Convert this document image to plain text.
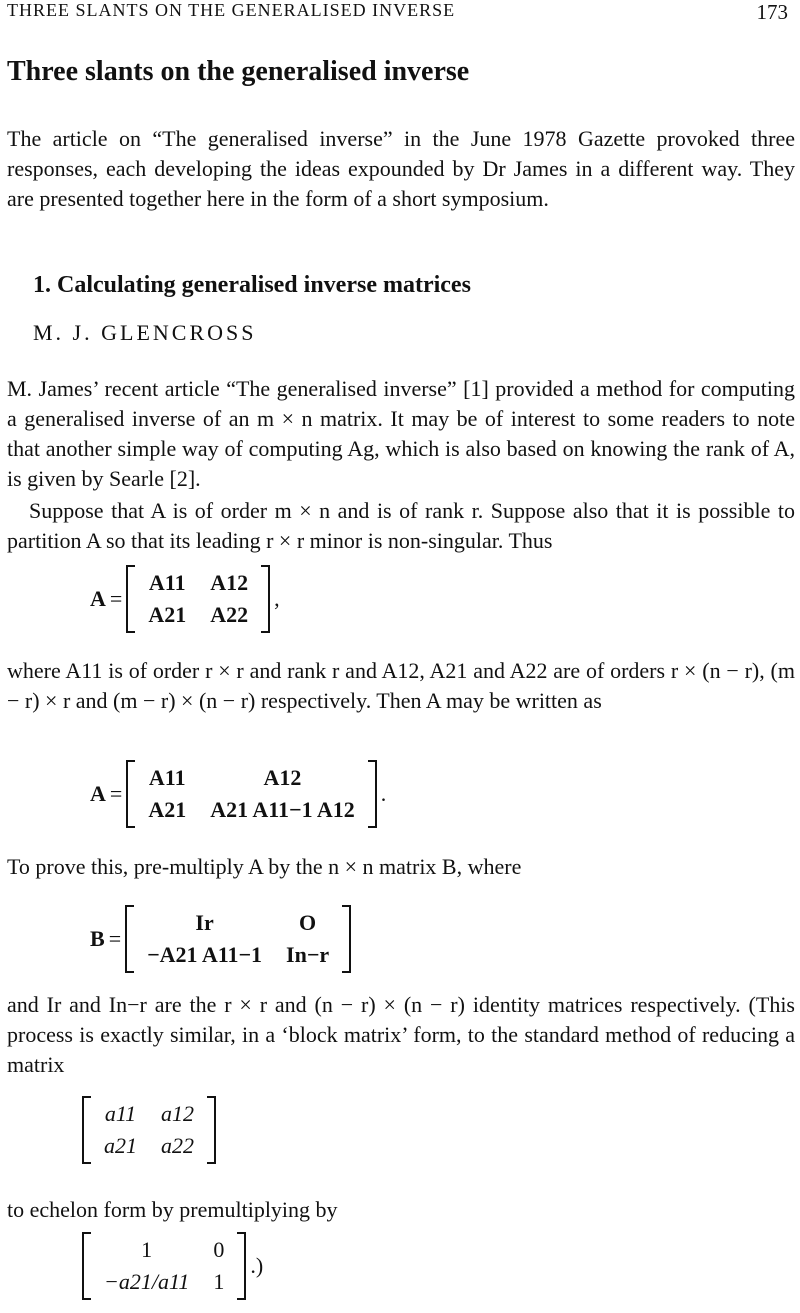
THREE SLANTS ON THE GENERALISED INVERSE	173
Three slants on the generalised inverse

The article on “The generalised inverse” in the June 1978 Gazette provoked three responses, each developing the ideas expounded by Dr James in a different way. They are presented together here in the form of a short symposium.

1. Calculating generalised inverse matrices

M. J. GLENCROSS

M. James’ recent article “The generalised inverse” [1] provided a method for computing a generalised inverse of an m × n matrix. It may be of interest to some readers to note that another simple way of computing Ag, which is also based on knowing the rank of A, is given by Searle [2].

Suppose that A is of order m × n and is of rank r. Suppose also that it is possible to partition A so that its leading r × r minor is non-singular. Thus

A =
A11	A12
A21	A22
,

where A11 is of order r × r and rank r and A12, A21 and A22 are of orders r × (n − r), (m − r) × r and (m − r) × (n − r) respectively. Then A may be written as

A =
A11	A12
A21	A21 A11−1 A12
.

To prove this, pre-multiply A by the n × n matrix B, where

B =
Ir	O
−A21 A11−1	In−r

and Ir and In−r are the r × r and (n − r) × (n − r) identity matrices respectively. (This process is exactly similar, in a ‘block matrix’ form, to the standard method of reducing a matrix

a11	a12
a21	a22

to echelon form by premultiplying by

1	0
−a21/a11	1
.)
